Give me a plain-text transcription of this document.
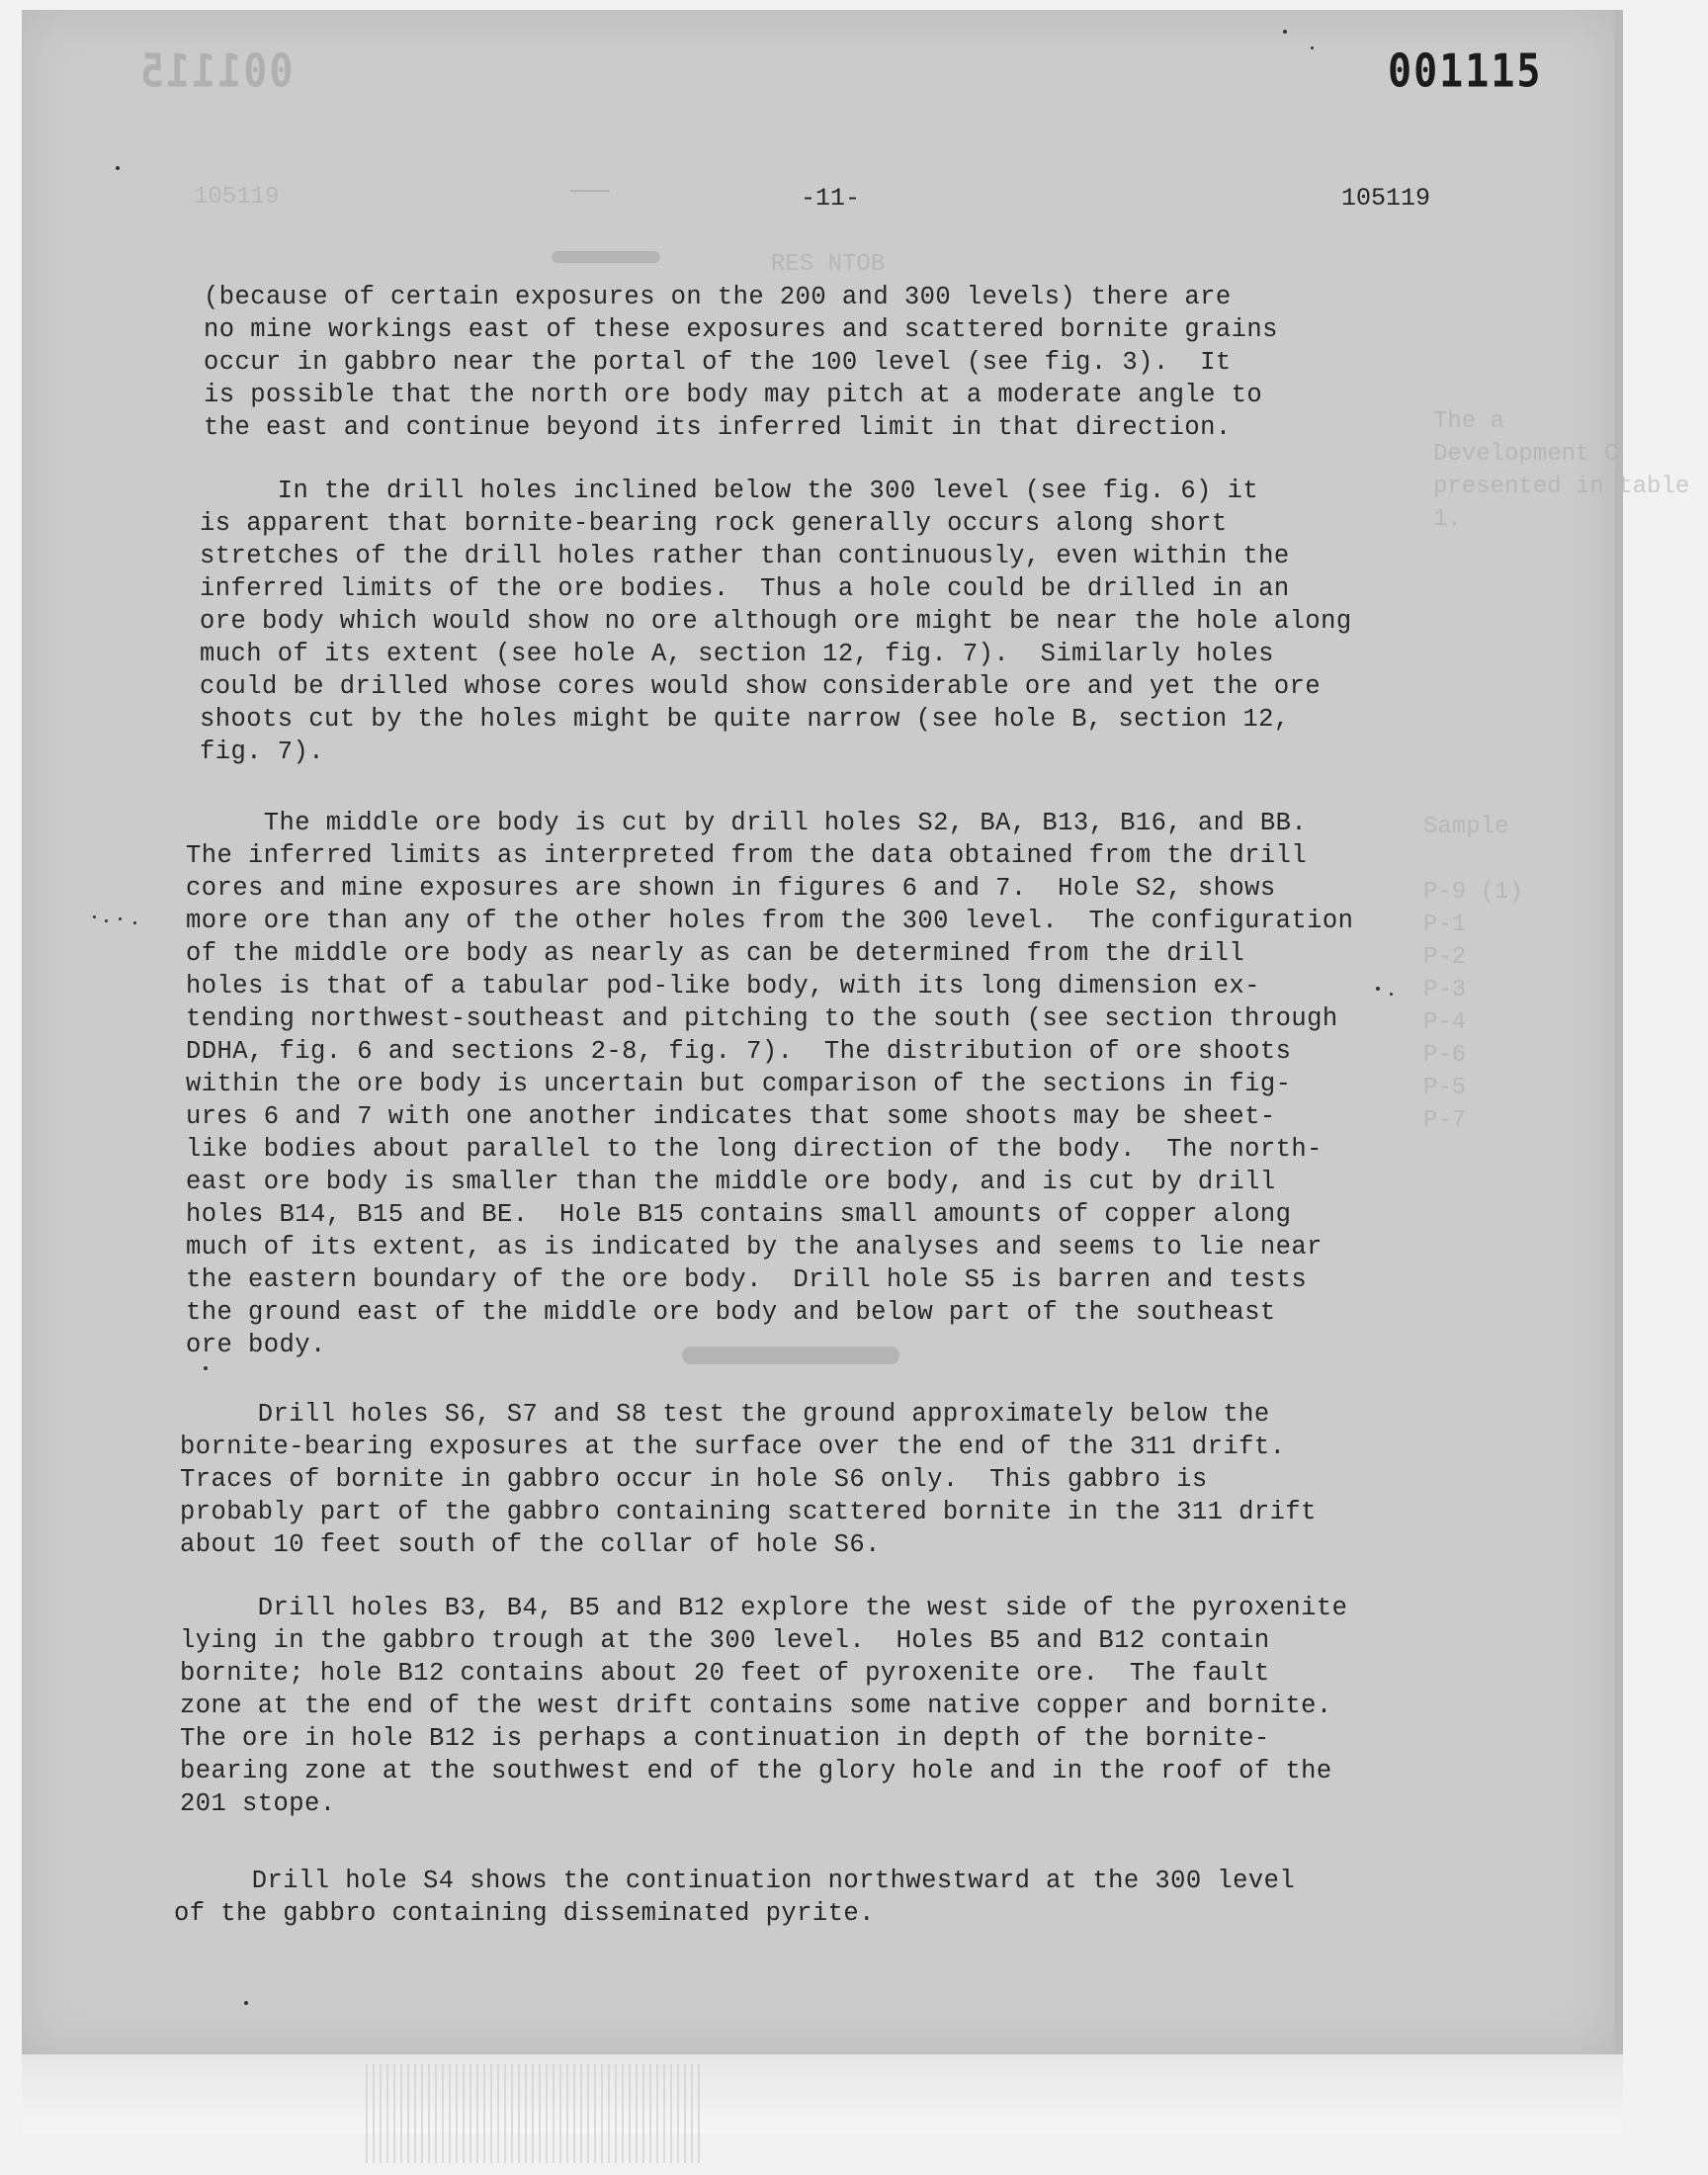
001115
105119
RES NTOB
The a
Development C
presented in table 1.
Sample

P-9 (1)
P-1
P-2
P-3
P-4
P-6
P-5
P-7
001115
-11-	105119
(because of certain exposures on the 200 and 300 levels) there are
no mine workings east of these exposures and scattered bornite grains
occur in gabbro near the portal of the 100 level (see fig. 3).  It
is possible that the north ore body may pitch at a moderate angle to
the east and continue beyond its inferred limit in that direction.
In the drill holes inclined below the 300 level (see fig. 6) it
is apparent that bornite-bearing rock generally occurs along short
stretches of the drill holes rather than continuously, even within the
inferred limits of the ore bodies.  Thus a hole could be drilled in an
ore body which would show no ore although ore might be near the hole along
much of its extent (see hole A, section 12, fig. 7).  Similarly holes
could be drilled whose cores would show considerable ore and yet the ore
shoots cut by the holes might be quite narrow (see hole B, section 12,
fig. 7).
The middle ore body is cut by drill holes S2, BA, B13, B16, and BB.
The inferred limits as interpreted from the data obtained from the drill
cores and mine exposures are shown in figures 6 and 7.  Hole S2, shows
more ore than any of the other holes from the 300 level.  The configuration
of the middle ore body as nearly as can be determined from the drill
holes is that of a tabular pod-like body, with its long dimension ex-
tending northwest-southeast and pitching to the south (see section through
DDHA, fig. 6 and sections 2-8, fig. 7).  The distribution of ore shoots
within the ore body is uncertain but comparison of the sections in fig-
ures 6 and 7 with one another indicates that some shoots may be sheet-
like bodies about parallel to the long direction of the body.  The north-
east ore body is smaller than the middle ore body, and is cut by drill
holes B14, B15 and BE.  Hole B15 contains small amounts of copper along
much of its extent, as is indicated by the analyses and seems to lie near
the eastern boundary of the ore body.  Drill hole S5 is barren and tests
the ground east of the middle ore body and below part of the southeast
ore body.
Drill holes S6, S7 and S8 test the ground approximately below the
bornite-bearing exposures at the surface over the end of the 311 drift.
Traces of bornite in gabbro occur in hole S6 only.  This gabbro is
probably part of the gabbro containing scattered bornite in the 311 drift
about 10 feet south of the collar of hole S6.
Drill holes B3, B4, B5 and B12 explore the west side of the pyroxenite
lying in the gabbro trough at the 300 level.  Holes B5 and B12 contain
bornite; hole B12 contains about 20 feet of pyroxenite ore.  The fault
zone at the end of the west drift contains some native copper and bornite.
The ore in hole B12 is perhaps a continuation in depth of the bornite-
bearing zone at the southwest end of the glory hole and in the roof of the
201 stope.
Drill hole S4 shows the continuation northwestward at the 300 level
of the gabbro containing disseminated pyrite.
